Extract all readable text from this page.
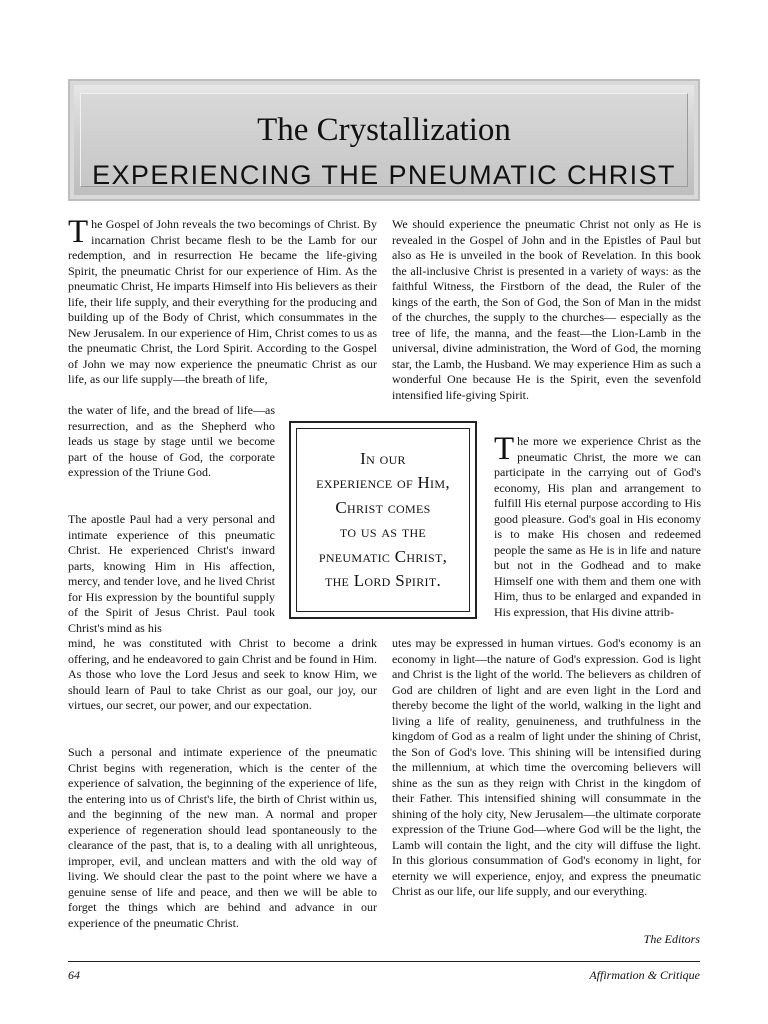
The Crystallization
EXPERIENCING THE PNEUMATIC CHRIST

The Gospel of John reveals the two becomings of Christ. By incarnation Christ became flesh to be the Lamb for our redemption, and in resurrection He became the life-giving Spirit, the pneumatic Christ for our experience of Him. As the pneumatic Christ, He imparts Himself into His believers as their life, their life supply, and their everything for the producing and building up of the Body of Christ, which consummates in the New Jerusalem. In our experience of Him, Christ comes to us as the pneumatic Christ, the Lord Spirit. According to the Gospel of John we may now experience the pneumatic Christ as our life, as our life supply—the breath of life,

the water of life, and the bread of life—as resurrection, and as the Shepherd who leads us stage by stage until we become part of the house of God, the corporate expression of the Triune God.

The apostle Paul had a very personal and intimate experience of this pneumatic Christ. He experienced Christ's inward parts, knowing Him in His affection, mercy, and tender love, and he lived Christ for His expression by the bountiful supply of the Spirit of Jesus Christ. Paul took Christ's mind as his

mind, he was constituted with Christ to become a drink offering, and he endeavored to gain Christ and be found in Him. As those who love the Lord Jesus and seek to know Him, we should learn of Paul to take Christ as our goal, our joy, our virtues, our secret, our power, and our expectation.

Such a personal and intimate experience of the pneumatic Christ begins with regeneration, which is the center of the experience of salvation, the beginning of the experience of life, the entering into us of Christ's life, the birth of Christ within us, and the beginning of the new man. A normal and proper experience of regeneration should lead spontaneously to the clearance of the past, that is, to a dealing with all unrighteous, improper, evil, and unclean matters and with the old way of living. We should clear the past to the point where we have a genuine sense of life and peace, and then we will be able to forget the things which are behind and advance in our experience of the pneumatic Christ.

In our
experience of Him,
Christ comes
to us as the
pneumatic Christ,
the Lord Spirit.

We should experience the pneumatic Christ not only as He is revealed in the Gospel of John and in the Epistles of Paul but also as He is unveiled in the book of Revelation. In this book the all-inclusive Christ is presented in a variety of ways: as the faithful Witness, the Firstborn of the dead, the Ruler of the kings of the earth, the Son of God, the Son of Man in the midst of the churches, the supply to the churches— especially as the tree of life, the manna, and the feast—the Lion-Lamb in the universal, divine administration, the Word of God, the morning star, the Lamb, the Husband. We may experience Him as such a wonderful One because He is the Spirit, even the sevenfold intensified life-giving Spirit.

The more we experience Christ as the pneumatic Christ, the more we can participate in the carrying out of God's economy, His plan and arrangement to fulfill His eternal purpose according to His good pleasure. God's goal in His economy is to make His chosen and redeemed people the same as He is in life and nature but not in the Godhead and to make Himself one with them and them one with Him, thus to be enlarged and expanded in His expression, that His divine attrib-

utes may be expressed in human virtues. God's economy is an economy in light—the nature of God's expression. God is light and Christ is the light of the world. The believers as children of God are children of light and are even light in the Lord and thereby become the light of the world, walking in the light and living a life of reality, genuineness, and truthfulness in the kingdom of God as a realm of light under the shining of Christ, the Son of God's love. This shining will be intensified during the millennium, at which time the overcoming believers will shine as the sun as they reign with Christ in the kingdom of their Father. This intensified shining will consummate in the shining of the holy city, New Jerusalem—the ultimate corporate expression of the Triune God—where God will be the light, the Lamb will contain the light, and the city will diffuse the light. In this glorious consummation of God's economy in light, for eternity we will experience, enjoy, and express the pneumatic Christ as our life, our life supply, and our everything.

The Editors
64	Affirmation & Critique
